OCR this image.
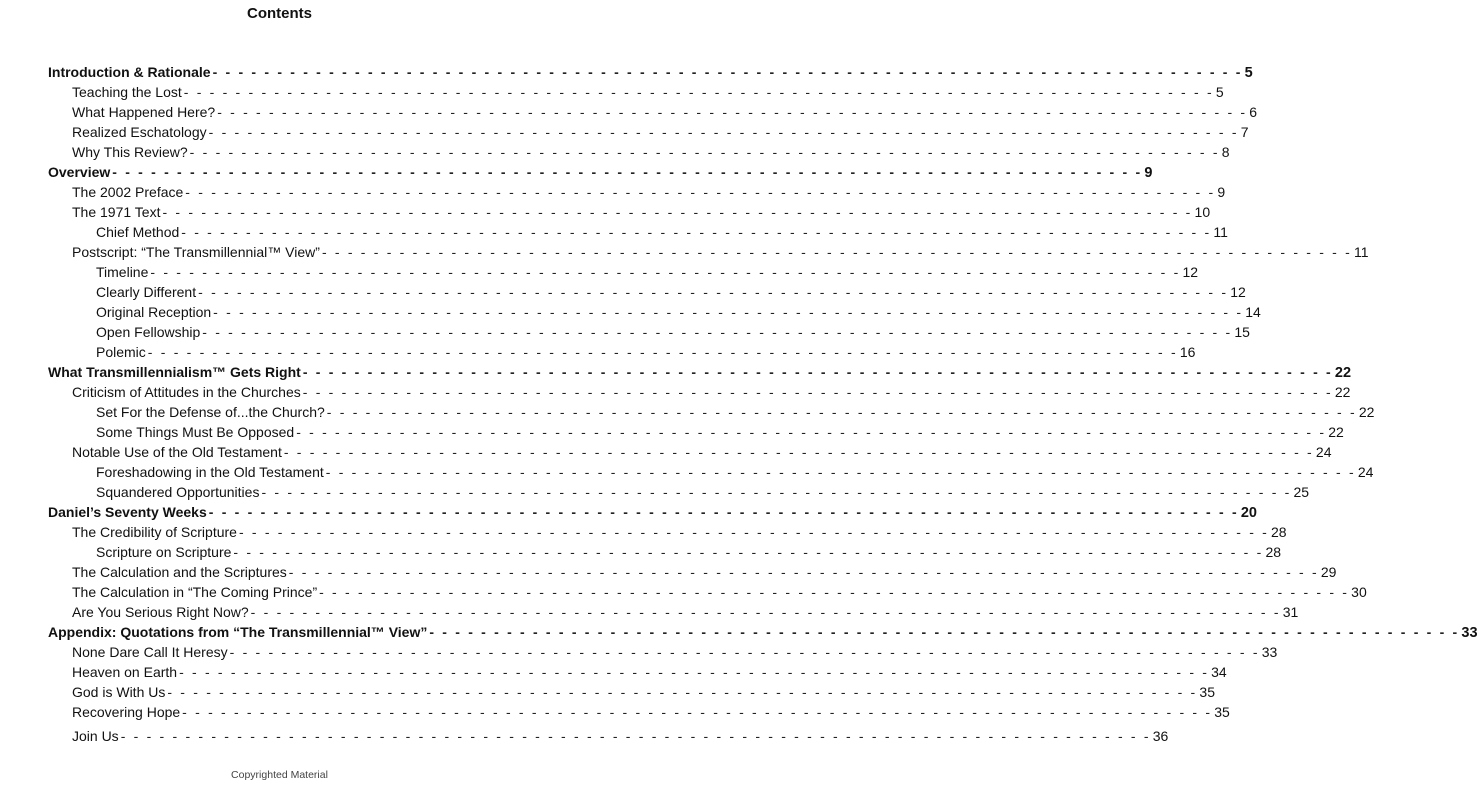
Contents
Introduction & Rationale - - - - - - - - - - - - - - - - - - - - - - - - - - - - - - - - - - - - - - - - - - - - - - - - - - - - - - - - - - - - - - - - - - - - - - - - - - - - - - - - 5
Teaching the Lost - - - - - - - - - - - - - - - - - - - - - - - - - - - - - - - - - - - - - - - - - - - - - - - - - - - - - - - - - - - - - - - - - - - - - - - - - - - - - - - - 5
What Happened Here? - - - - - - - - - - - - - - - - - - - - - - - - - - - - - - - - - - - - - - - - - - - - - - - - - - - - - - - - - - - - - - - - - - - - - - - - - - - - - - - - 6
Realized Eschatology - - - - - - - - - - - - - - - - - - - - - - - - - - - - - - - - - - - - - - - - - - - - - - - - - - - - - - - - - - - - - - - - - - - - - - - - - - - - - - - - 7
Why This Review? - - - - - - - - - - - - - - - - - - - - - - - - - - - - - - - - - - - - - - - - - - - - - - - - - - - - - - - - - - - - - - - - - - - - - - - - - - - - - - - - 8
Overview - - - - - - - - - - - - - - - - - - - - - - - - - - - - - - - - - - - - - - - - - - - - - - - - - - - - - - - - - - - - - - - - - - - - - - - - - - - - - - - - 9
The 2002 Preface - - - - - - - - - - - - - - - - - - - - - - - - - - - - - - - - - - - - - - - - - - - - - - - - - - - - - - - - - - - - - - - - - - - - - - - - - - - - - - - - 9
The 1971 Text - - - - - - - - - - - - - - - - - - - - - - - - - - - - - - - - - - - - - - - - - - - - - - - - - - - - - - - - - - - - - - - - - - - - - - - - - - - - - - - - 10
Chief Method - - - - - - - - - - - - - - - - - - - - - - - - - - - - - - - - - - - - - - - - - - - - - - - - - - - - - - - - - - - - - - - - - - - - - - - - - - - - - - - - 11
Postscript: “The Transmillennial™ View” - - - - - - - - - - - - - - - - - - - - - - - - - - - - - - - - - - - - - - - - - - - - - - - - - - - - - - - - - - - - - - - - - - - - - - - - - - - - - - - - 11
Timeline - - - - - - - - - - - - - - - - - - - - - - - - - - - - - - - - - - - - - - - - - - - - - - - - - - - - - - - - - - - - - - - - - - - - - - - - - - - - - - - - 12
Clearly Different - - - - - - - - - - - - - - - - - - - - - - - - - - - - - - - - - - - - - - - - - - - - - - - - - - - - - - - - - - - - - - - - - - - - - - - - - - - - - - - - 12
Original Reception - - - - - - - - - - - - - - - - - - - - - - - - - - - - - - - - - - - - - - - - - - - - - - - - - - - - - - - - - - - - - - - - - - - - - - - - - - - - - - - - 14
Open Fellowship - - - - - - - - - - - - - - - - - - - - - - - - - - - - - - - - - - - - - - - - - - - - - - - - - - - - - - - - - - - - - - - - - - - - - - - - - - - - - - - - 15
Polemic - - - - - - - - - - - - - - - - - - - - - - - - - - - - - - - - - - - - - - - - - - - - - - - - - - - - - - - - - - - - - - - - - - - - - - - - - - - - - - - - 16
What Transmillennialism™ Gets Right - - - - - - - - - - - - - - - - - - - - - - - - - - - - - - - - - - - - - - - - - - - - - - - - - - - - - - - - - - - - - - - - - - - - - - - - - - - - - - - - 22
Criticism of Attitudes in the Churches - - - - - - - - - - - - - - - - - - - - - - - - - - - - - - - - - - - - - - - - - - - - - - - - - - - - - - - - - - - - - - - - - - - - - - - - - - - - - - - - 22
Set For the Defense of...the Church? - - - - - - - - - - - - - - - - - - - - - - - - - - - - - - - - - - - - - - - - - - - - - - - - - - - - - - - - - - - - - - - - - - - - - - - - - - - - - - - - 22
Some Things Must Be Opposed - - - - - - - - - - - - - - - - - - - - - - - - - - - - - - - - - - - - - - - - - - - - - - - - - - - - - - - - - - - - - - - - - - - - - - - - - - - - - - - - 22
Notable Use of the Old Testament - - - - - - - - - - - - - - - - - - - - - - - - - - - - - - - - - - - - - - - - - - - - - - - - - - - - - - - - - - - - - - - - - - - - - - - - - - - - - - - - 24
Foreshadowing in the Old Testament - - - - - - - - - - - - - - - - - - - - - - - - - - - - - - - - - - - - - - - - - - - - - - - - - - - - - - - - - - - - - - - - - - - - - - - - - - - - - - - - 24
Squandered Opportunities - - - - - - - - - - - - - - - - - - - - - - - - - - - - - - - - - - - - - - - - - - - - - - - - - - - - - - - - - - - - - - - - - - - - - - - - - - - - - - - - 25
Daniel’s Seventy Weeks - - - - - - - - - - - - - - - - - - - - - - - - - - - - - - - - - - - - - - - - - - - - - - - - - - - - - - - - - - - - - - - - - - - - - - - - - - - - - - - - 20
The Credibility of Scripture - - - - - - - - - - - - - - - - - - - - - - - - - - - - - - - - - - - - - - - - - - - - - - - - - - - - - - - - - - - - - - - - - - - - - - - - - - - - - - - - 28
Scripture on Scripture - - - - - - - - - - - - - - - - - - - - - - - - - - - - - - - - - - - - - - - - - - - - - - - - - - - - - - - - - - - - - - - - - - - - - - - - - - - - - - - - 28
The Calculation and the Scriptures - - - - - - - - - - - - - - - - - - - - - - - - - - - - - - - - - - - - - - - - - - - - - - - - - - - - - - - - - - - - - - - - - - - - - - - - - - - - - - - - 29
The Calculation in “The Coming Prince” - - - - - - - - - - - - - - - - - - - - - - - - - - - - - - - - - - - - - - - - - - - - - - - - - - - - - - - - - - - - - - - - - - - - - - - - - - - - - - - - 30
Are You Serious Right Now? - - - - - - - - - - - - - - - - - - - - - - - - - - - - - - - - - - - - - - - - - - - - - - - - - - - - - - - - - - - - - - - - - - - - - - - - - - - - - - - - 31
Appendix: Quotations from “The Transmillennial™ View” - - - - - - - - - - - - - - - - - - - - - - - - - - - - - - - - - - - - - - - - - - - - - - - - - - - - - - - - - - - - - - - - - - - - - - - - - - - - - - - - 33
None Dare Call It Heresy - - - - - - - - - - - - - - - - - - - - - - - - - - - - - - - - - - - - - - - - - - - - - - - - - - - - - - - - - - - - - - - - - - - - - - - - - - - - - - - - 33
Heaven on Earth - - - - - - - - - - - - - - - - - - - - - - - - - - - - - - - - - - - - - - - - - - - - - - - - - - - - - - - - - - - - - - - - - - - - - - - - - - - - - - - - 34
God is With Us - - - - - - - - - - - - - - - - - - - - - - - - - - - - - - - - - - - - - - - - - - - - - - - - - - - - - - - - - - - - - - - - - - - - - - - - - - - - - - - - 35
Recovering Hope - - - - - - - - - - - - - - - - - - - - - - - - - - - - - - - - - - - - - - - - - - - - - - - - - - - - - - - - - - - - - - - - - - - - - - - - - - - - - - - - 35
Join Us - - - - - - - - - - - - - - - - - - - - - - - - - - - - - - - - - - - - - - - - - - - - - - - - - - - - - - - - - - - - - - - - - - - - - - - - - - - - - - - - 36
Copyrighted Material
